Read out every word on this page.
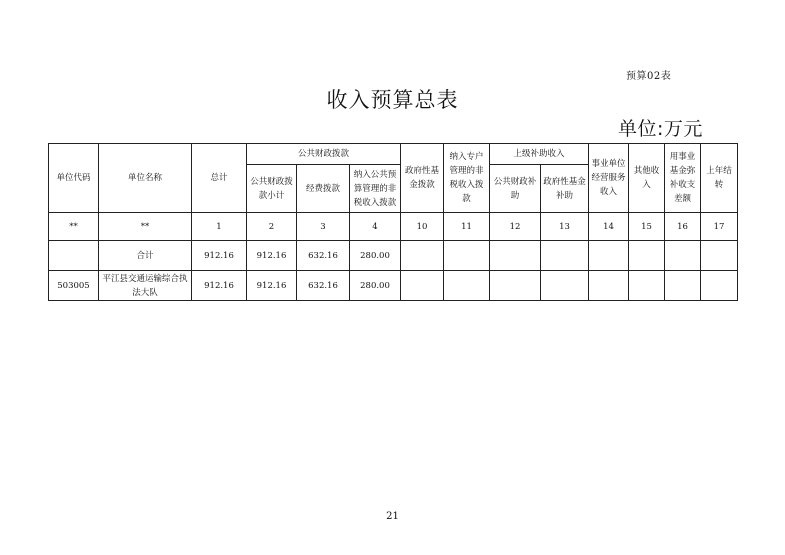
预算02表
收入预算总表
单位:万元
单位代码	单位名称	总计	公共财政拨款			政府性基金拨款	纳入专户管理的非税收入拨款	上级补助收入		事业单位经营服务收入	其他收入	用事业基金弥补收支差额	上年结转
			公共财政拨款小计	经费拨款	纳入公共预算管理的非税收入拨款								
								公共财政补助	政府性基金补助				
**	**	1	2	3	4	10	11	12	13	14	15	16	17
	合计	912.16	912.16	632.16	280.00								
503005	平江县交通运输综合执法大队	912.16	912.16	632.16	280.00								
21
